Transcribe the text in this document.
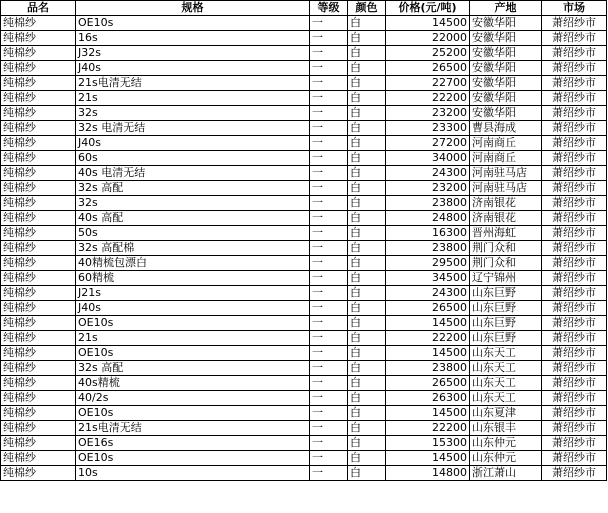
品名	规格	等级	颜色	价格(元/吨)	产地	市场
纯棉纱	OE10s	一	白	14500	安徽华阳	萧绍纱市
纯棉纱	16s	一	白	22000	安徽华阳	萧绍纱市
纯棉纱	J32s	一	白	25200	安徽华阳	萧绍纱市
纯棉纱	J40s	一	白	26500	安徽华阳	萧绍纱市
纯棉纱	21s电清无结	一	白	22700	安徽华阳	萧绍纱市
纯棉纱	21s	一	白	22200	安徽华阳	萧绍纱市
纯棉纱	32s	一	白	23200	安徽华阳	萧绍纱市
纯棉纱	32s 电清无结	一	白	23300	曹县海成	萧绍纱市
纯棉纱	J40s	一	白	27200	河南商丘	萧绍纱市
纯棉纱	60s	一	白	34000	河南商丘	萧绍纱市
纯棉纱	40s 电清无结	一	白	24300	河南驻马店	萧绍纱市
纯棉纱	32s 高配	一	白	23200	河南驻马店	萧绍纱市
纯棉纱	32s	一	白	23800	济南银花	萧绍纱市
纯棉纱	40s 高配	一	白	24800	济南银花	萧绍纱市
纯棉纱	50s	一	白	16300	晋州海虹	萧绍纱市
纯棉纱	32s 高配棉	一	白	23800	荆门众和	萧绍纱市
纯棉纱	40精梳包漂白	一	白	29500	荆门众和	萧绍纱市
纯棉纱	60精梳	一	白	34500	辽宁锦州	萧绍纱市
纯棉纱	J21s	一	白	24300	山东巨野	萧绍纱市
纯棉纱	J40s	一	白	26500	山东巨野	萧绍纱市
纯棉纱	OE10s	一	白	14500	山东巨野	萧绍纱市
纯棉纱	21s	一	白	22200	山东巨野	萧绍纱市
纯棉纱	OE10s	一	白	14500	山东天工	萧绍纱市
纯棉纱	32s 高配	一	白	23800	山东天工	萧绍纱市
纯棉纱	40s精梳	一	白	26500	山东天工	萧绍纱市
纯棉纱	40/2s	一	白	26300	山东天工	萧绍纱市
纯棉纱	OE10s	一	白	14500	山东夏津	萧绍纱市
纯棉纱	21s电清无结	一	白	22200	山东银丰	萧绍纱市
纯棉纱	OE16s	一	白	15300	山东仲元	萧绍纱市
纯棉纱	OE10s	一	白	14500	山东仲元	萧绍纱市
纯棉纱	10s	一	白	14800	浙江萧山	萧绍纱市
